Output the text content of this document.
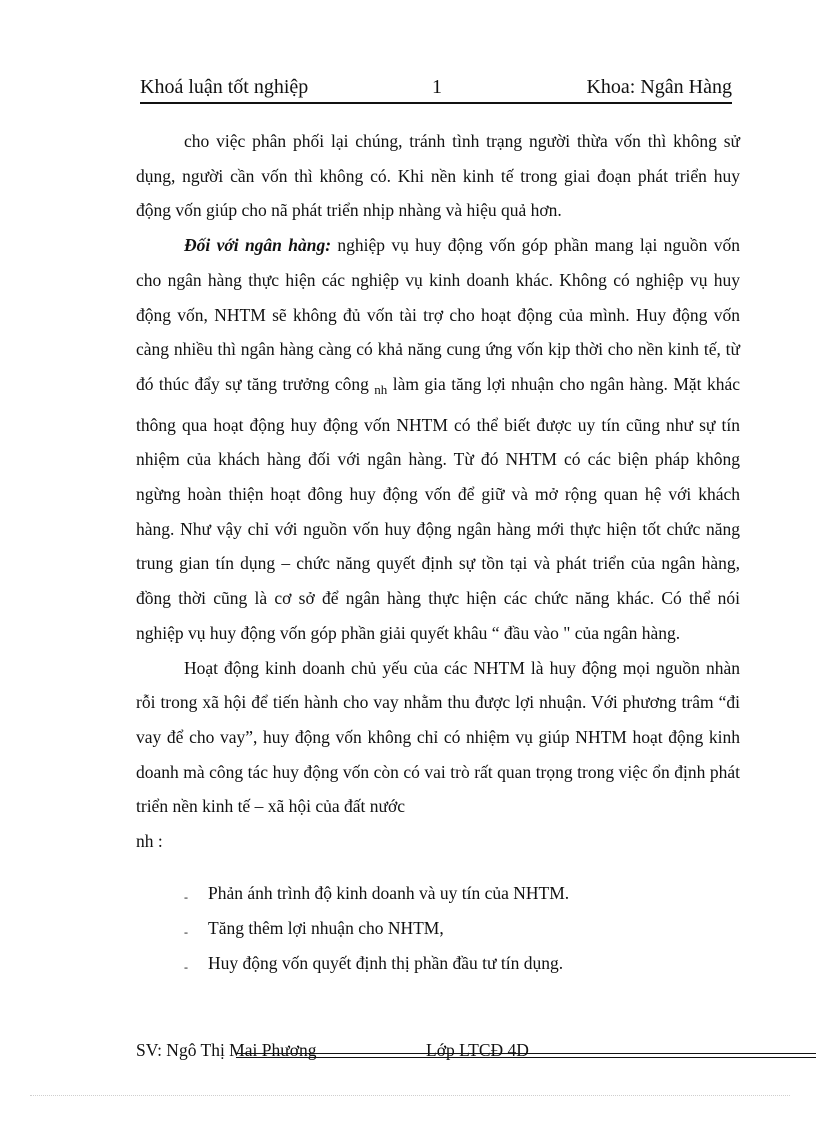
Khoá luận tốt nghiệp	1	Khoa: Ngân Hàng

cho việc phân phối lại chúng, tránh tình trạng người thừa vốn thì không sử dụng, người cần vốn thì không có. Khi nền kinh tế trong giai đoạn phát triển huy động vốn giúp cho nã phát triển nhịp nhàng và hiệu quả hơn.

Đối với ngân hàng: nghiệp vụ huy động vốn góp phần mang lại nguồn vốn cho ngân hàng thực hiện các nghiệp vụ kinh doanh khác. Không có nghiệp vụ huy động vốn, NHTM sẽ không đủ vốn tài trợ cho hoạt động của mình. Huy động vốn càng nhiều thì ngân hàng càng có khả năng cung ứng vốn kịp thời cho nền kinh tế, từ đó thúc đẩy sự tăng trưởng công $_{nh}$ làm gia tăng lợi nhuận cho ngân hàng. Mặt khác thông qua hoạt động huy động vốn NHTM có thể biết được uy tín cũng như sự tín nhiệm của khách hàng đối với ngân hàng. Từ đó NHTM có các biện pháp không ngừng hoàn thiện hoạt đông huy động vốn để giữ và mở rộng quan hệ với khách hàng. Như vậy chỉ với nguồn vốn huy động ngân hàng mới thực hiện tốt chức năng trung gian tín dụng – chức năng quyết định sự tồn tại và phát triển của ngân hàng, đồng thời cũng là cơ sở để ngân hàng thực hiện các chức năng khác. Có thể nói nghiệp vụ huy động vốn góp phần giải quyết khâu “ đầu vào " của ngân hàng.

Hoạt động kinh doanh chủ yếu của các NHTM là huy động mọi nguồn nhàn rỗi trong xã hội để tiến hành cho vay nhằm thu được lợi nhuận. Với phương trâm “đi vay để cho vay”, huy động vốn không chỉ có nhiệm vụ giúp NHTM hoạt động kinh doanh mà công tác huy động vốn còn có vai trò rất quan trọng trong việc ổn định phát triển nền kinh tế – xã hội của đất nước

nh :

- Phản ánh trình độ kinh doanh và uy tín của NHTM.
- Tăng thêm lợi nhuận cho NHTM,
- Huy động vốn quyết định thị phần đầu tư tín dụng.
SV: Ngô Thị Mai Phương	Lớp LTCĐ 4D
